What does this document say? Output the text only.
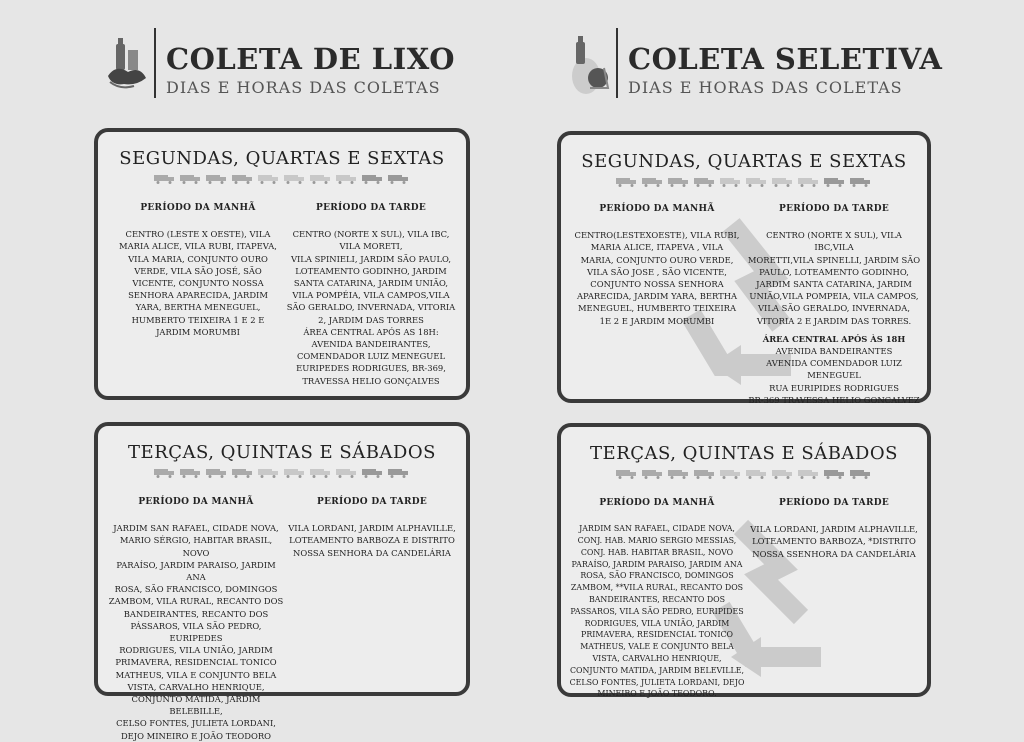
COLETA DE LIXO
DIAS E HORAS DAS COLETAS
COLETA SELETIVA
DIAS E HORAS DAS COLETAS
SEGUNDAS, QUARTAS E SEXTAS
PERÍODO DA MANHÃ
CENTRO (LESTE X OESTE), VILA
MARIA ALICE, VILA RUBI, ITAPEVA,
VILA MARIA, CONJUNTO OURO
VERDE, VILA SÃO JOSÉ, SÃO
VICENTE, CONJUNTO NOSSA
SENHORA APARECIDA, JARDIM
YARA, BERTHA MENEGUEL,
HUMBERTO TEIXEIRA 1 E 2 E
JARDIM MORUMBI
PERÍODO DA TARDE
CENTRO (NORTE X SUL), VILA IBC,
VILA MORETI,
VILA SPINIELI, JARDIM SÃO PAULO,
LOTEAMENTO GODINHO, JARDIM
SANTA CATARINA, JARDIM UNIÃO,
VILA POMPÉIA, VILA CAMPOS,VILA
SÃO GERALDO, INVERNADA, VITORIA
2, JARDIM DAS TORRES
ÁREA CENTRAL APÓS AS 18H:
AVENIDA BANDEIRANTES,
COMENDADOR LUIZ MENEGUEL
EURIPEDES RODRIGUES, BR-369,
TRAVESSA HELIO GONÇALVES
TERÇAS, QUINTAS E SÁBADOS
PERÍODO DA MANHÃ
JARDIM SAN RAFAEL, CIDADE NOVA,
MARIO SÉRGIO, HABITAR BRASIL, NOVO
PARAÍSO, JARDIM PARAISO, JARDIM ANA
ROSA, SÃO FRANCISCO, DOMINGOS
ZAMBOM, VILA RURAL, RECANTO DOS
BANDEIRANTES, RECANTO DOS
PÁSSAROS, VILA SÃO PEDRO, EURIPEDES
RODRIGUES, VILA UNIÃO, JARDIM
PRIMAVERA, RESIDENCIAL TONICO
MATHEUS, VILA E CONJUNTO BELA
VISTA, CARVALHO HENRIQUE,
CONJUNTO MATIDA, JARDIM BELEBILLE,
CELSO FONTES, JULIETA LORDANI,
DEJO MINEIRO E JOÃO TEODORO
PERÍODO DA TARDE
VILA LORDANI, JARDIM ALPHAVILLE,
LOTEAMENTO BARBOZA E DISTRITO
NOSSA SENHORA DA CANDELÁRIA
SEGUNDAS, QUARTAS E SEXTAS
PERÍODO DA MANHÃ
CENTRO(LESTEXOESTE), VILA RUBI,
MARIA ALICE, ITAPEVA , VILA
MARIA, CONJUNTO OURO VERDE,
VILA SÃO JOSE , SÃO VICENTE,
CONJUNTO NOSSA SENHORA
APARECIDA, JARDIM YARA, BERTHA
MENEGUEL, HUMBERTO TEIXEIRA
1E 2 E JARDIM MORUMBI
PERÍODO DA TARDE
CENTRO (NORTE X SUL), VILA IBC,VILA
MORETTI,VILA SPINELLI, JARDIM SÃO
PAULO, LOTEAMENTO GODINHO,
JARDIM SANTA CATARINA, JARDIM
UNIÃO,VILA POMPEIA, VILA CAMPOS,
VILA SÃO GERALDO, INVERNADA,
VITORIA 2 E JARDIM DAS TORRES.
ÁREA CENTRAL APÓS ÀS 18H
AVENIDA BANDEIRANTES
AVENIDA COMENDADOR LUIZ
MENEGUEL
RUA EURIPIDES RODRIGUES
BR-369 TRAVESSA HELIO GONCALVEZ
TERÇAS, QUINTAS E SÁBADOS
PERÍODO DA MANHÃ
JARDIM SAN RAFAEL, CIDADE NOVA,
CONJ. HAB. MARIO SERGIO MESSIAS,
CONJ. HAB. HABITAR BRASIL, NOVO
PARAÍSO, JARDIM PARAISO, JARDIM ANA
ROSA, SÃO FRANCISCO, DOMINGOS
ZAMBOM, **VILA RURAL, RECANTO DOS
BANDEIRANTES, RECANTO DOS
PASSAROS, VILA SÃO PEDRO, EURIPIDES
RODRIGUES, VILA UNIÃO, JARDIM
PRIMAVERA, RESIDENCIAL TONICO
MATHEUS, VALE E CONJUNTO BELA
VISTA, CARVALHO HENRIQUE,
CONJUNTO MATIDA, JARDIM BELEVILLE,
CELSO FONTES, JULIETA LORDANI, DEJO
MINEIRO E JOÃO TEODORO.
PERÍODO DA TARDE
VILA LORDANI, JARDIM ALPHAVILLE,
LOTEAMENTO BARBOZA, *DISTRITO
NOSSA SSENHORA DA CANDELÁRIA
